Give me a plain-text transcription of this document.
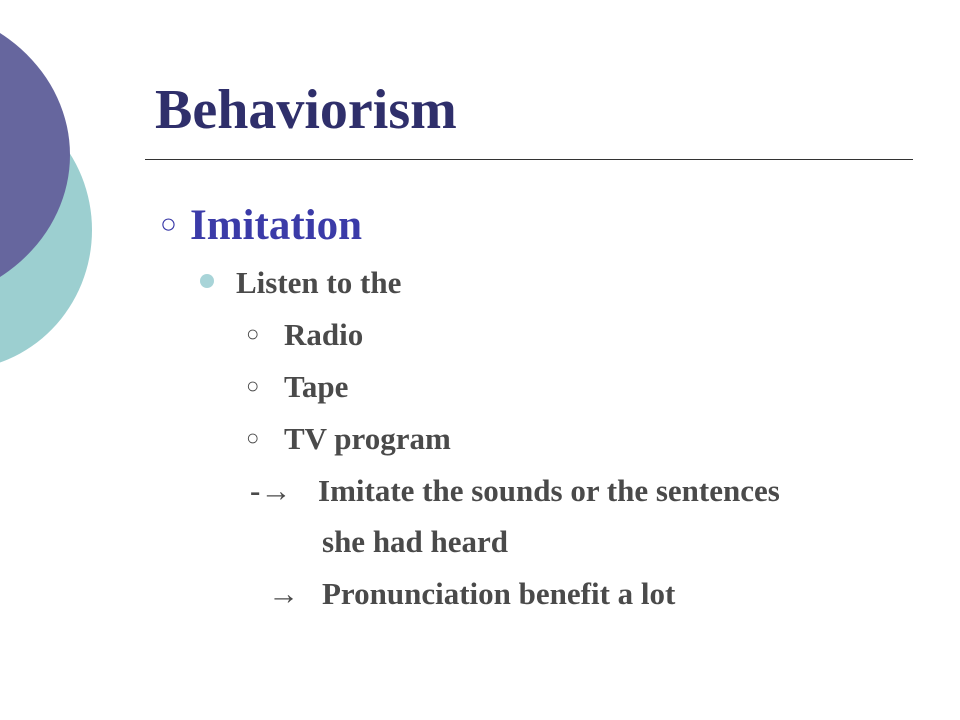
Behaviorism
○ Imitation
Listen to the
○ Radio
○ Tape
○ TV program
-→ Imitate the sounds or the sentences
she had heard
→ Pronunciation benefit a lot
